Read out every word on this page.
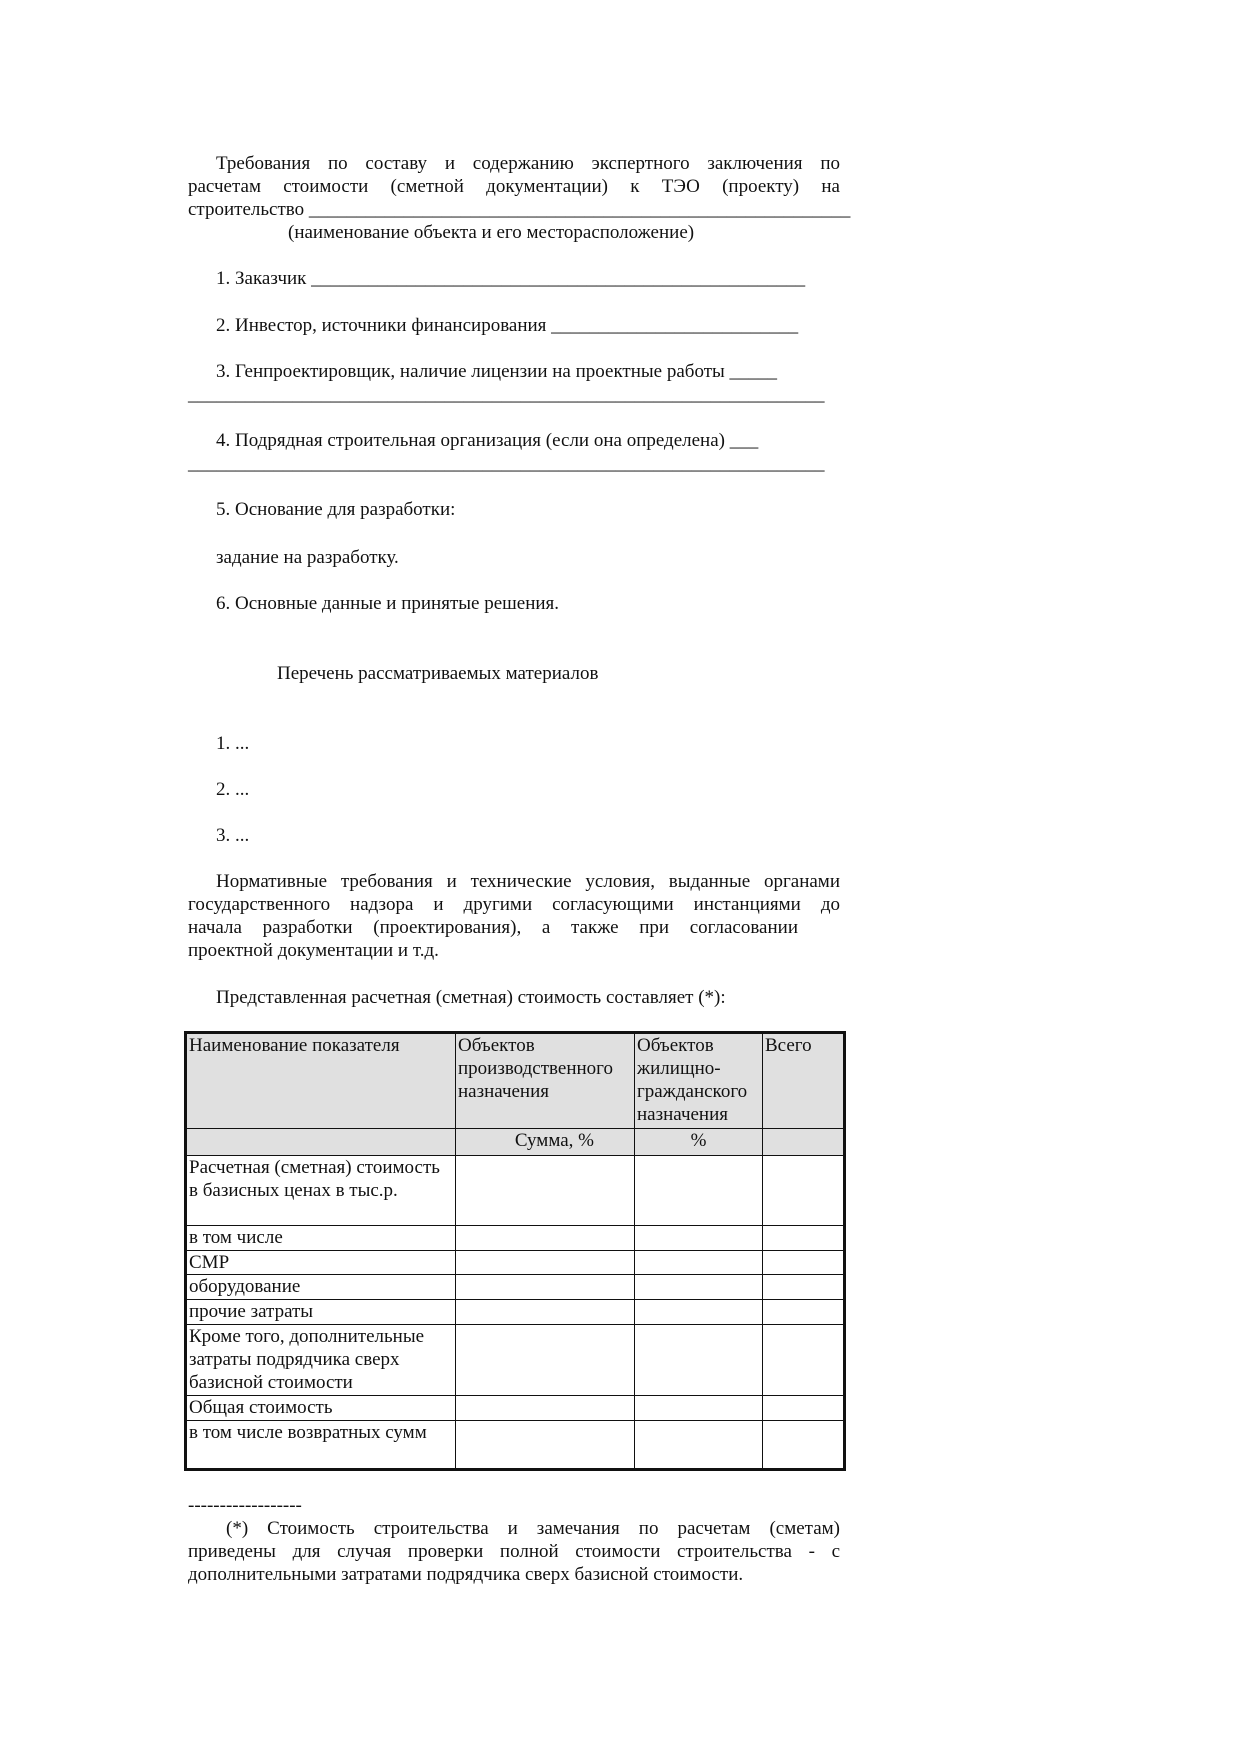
Требования по составу и содержанию экспертного заключения по
расчетам стоимости (сметной документации) к ТЭО (проекту) на
строительство _________________________________________________________
(наименование объекта и его месторасположение)
1. Заказчик ____________________________________________________
2. Инвестор, источники финансирования __________________________
3. Генпроектировщик, наличие лицензии на проектные работы _____
___________________________________________________________________
4. Подрядная строительная организация (если она определена) ___
___________________________________________________________________
5. Основание для разработки:
задание на разработку.
6. Основные данные и принятые решения.
Перечень рассматриваемых материалов
1. ...
2. ...
3. ...
Нормативные требования и технические условия, выданные органами
государственного надзора и другими согласующими инстанциями до
начала разработки (проектирования), а также при согласовании
проектной документации и т.д.
Представленная расчетная (сметная) стоимость составляет (*):
Наименование показателя	Объектов производственного назначения	Объектов жилищно-гражданского назначения	Всего
	Сумма, %	%	
Расчетная (сметная) стоимость в базисных ценах в тыс.р.			
в том числе			
СМР			
оборудование			
прочие затраты			
Кроме того, дополнительные затраты подрядчика сверх базисной стоимости			
Общая стоимость			
в том числе возвратных сумм			
------------------
(*) Стоимость строительства и замечания по расчетам (сметам)
приведены для случая проверки полной стоимости строительства - с
дополнительными затратами подрядчика сверх базисной стоимости.
